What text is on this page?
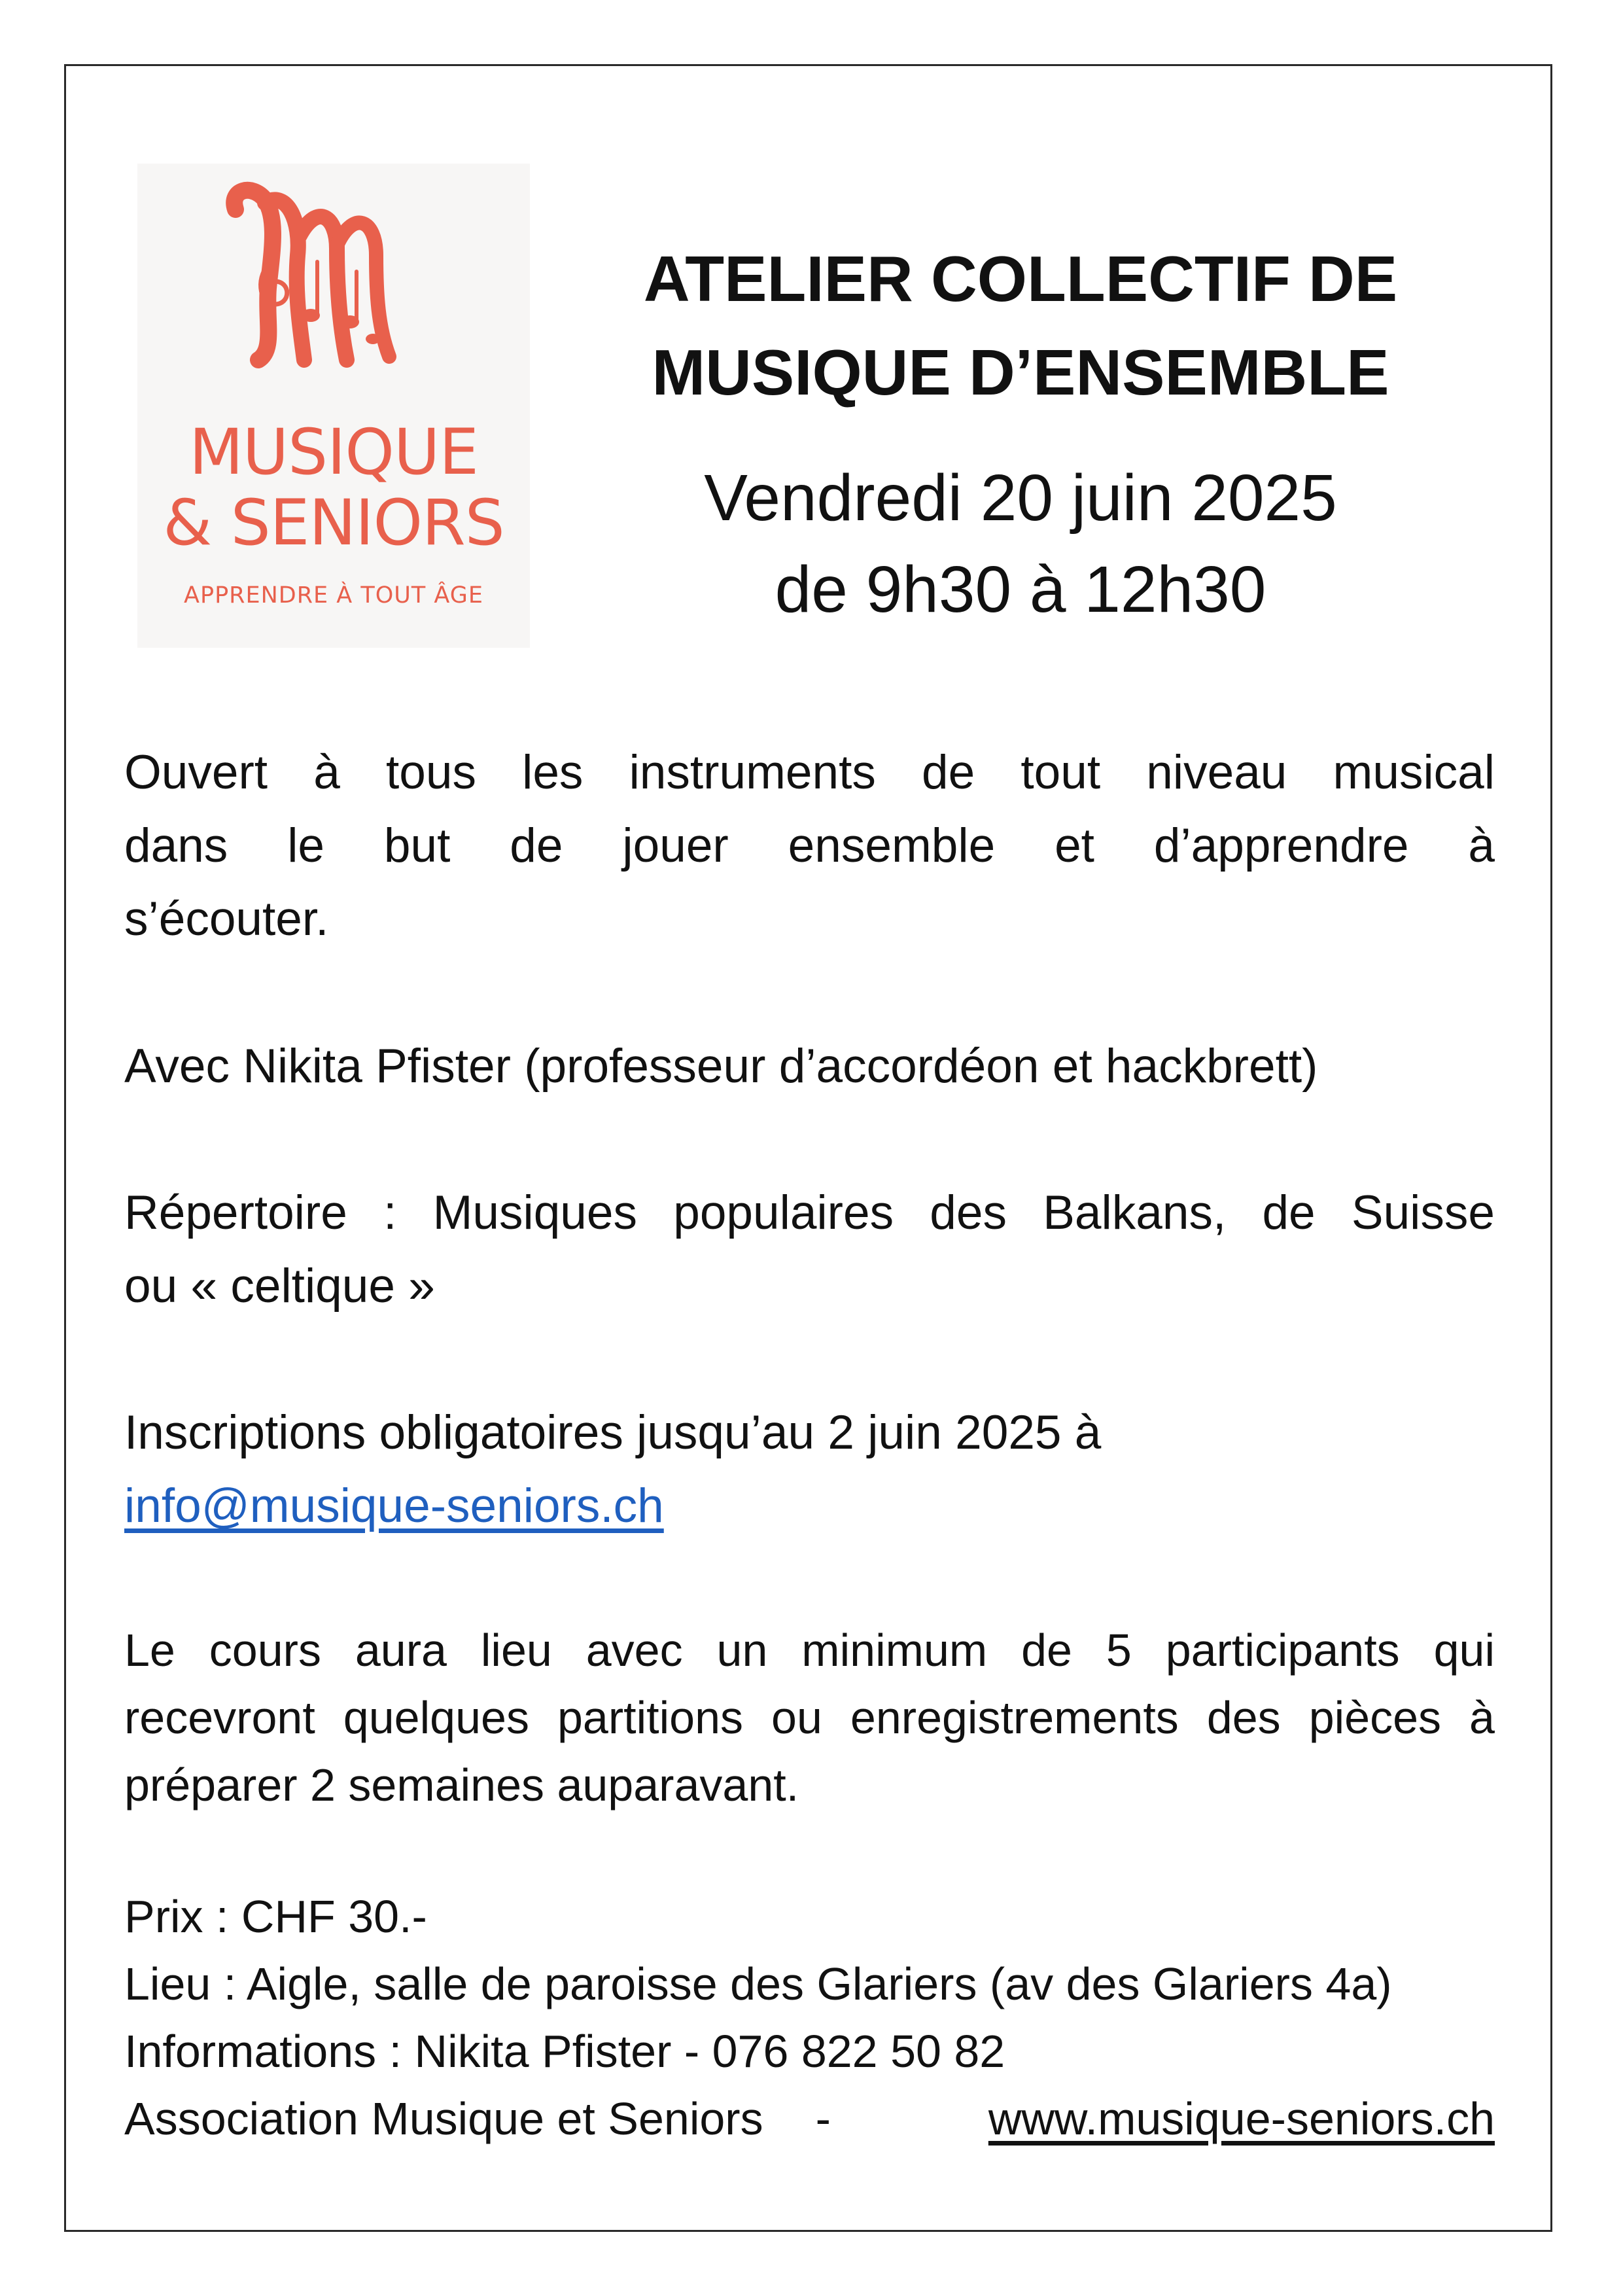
MUSIQUE
& SENIORS
APPRENDRE À TOUT ÂGE
ATELIER COLLECTIF DE
MUSIQUE D’ENSEMBLE
Vendredi 20 juin 2025
de 9h30 à 12h30
Ouvert à tous les instruments de tout niveau musical
dans le but de jouer ensemble et d’apprendre à
s’écouter.
Avec Nikita Pfister (professeur d’accordéon et hackbrett)
Répertoire : Musiques populaires des Balkans, de Suisse
ou « celtique »
Inscriptions obligatoires jusqu’au 2 juin 2025 à
info@musique-seniors.ch
Le cours aura lieu avec un minimum de 5 participants qui
recevront quelques partitions ou enregistrements des pièces à
préparer 2 semaines auparavant.
Prix : CHF 30.-
Lieu : Aigle, salle de paroisse des Glariers (av des Glariers 4a)
Informations : Nikita Pfister - 076 822 50 82
Association Musique et Seniors -	www.musique-seniors.ch
